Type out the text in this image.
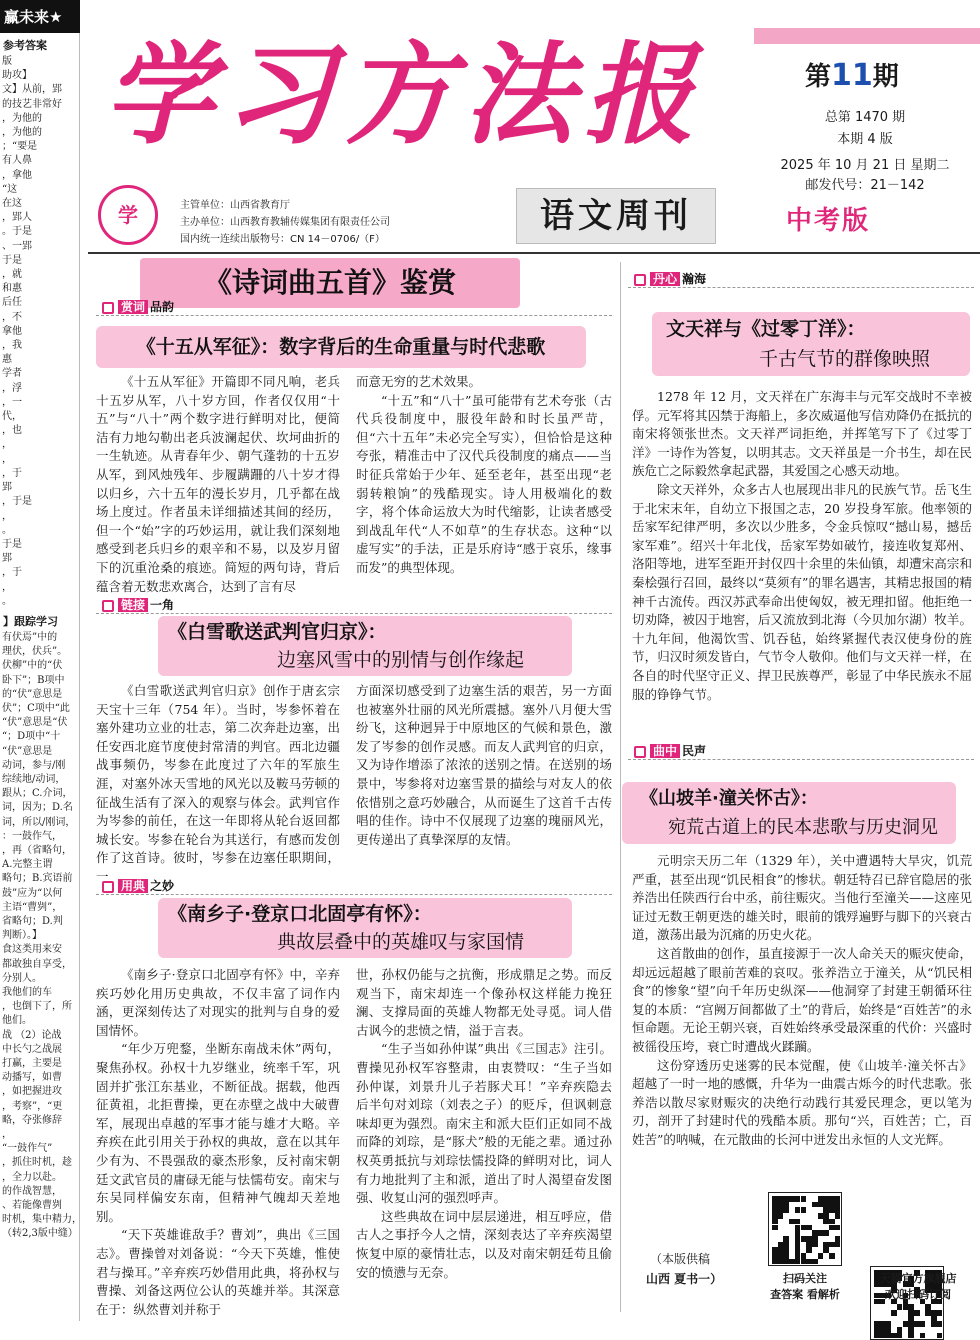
赢未来★
参考答案
版
助攻】
文】从前，郢
的技艺非常好
，为他的
，为他的
；“要是
有人鼻
，拿他
“这
在这
，郢人
。于是
、一郢
于是
，就
和惠
后任
，不
拿他
，我
惠
学者
，浮
，一
代，
，也
，
，
，于
郢
，于是
，
。
于是
郢
，于
，
。
】跟踪学习
有伏焉”中的
理伏，伏兵”。
伏柳”中的“伏
卧下”；B项中
的“伏”意思是
伏”；C项中“此
“伏”意思是“伏
“；D项中“十
“伏”意思是
动词，参与/刚
综续地/动词，
跟从；C.介词，
词，因为；D.名
词，所以/刚词，
：一鼓作气，
，再（省略句，
A.完整主谓
略句；B.宾语前
鼓”应为“以何
主语“曹刿”，
省略句；D.判
判断）。】
食这类用来安
都敢独自享受，
分别人。
我他们的车
，也倒下了，所
他们。
战 （2）论战
中长勺之战展
打赢，主要是
动播写，如曹
，如把握进攻
，考察”，“更
略，夺张修辞
，
“一鼓作气”
，抓住时机，趁
，全力以赴。
的作战智慧，
、若能像曹刿
时机，集中精力，
（转2,3版中缝）
学习方法报	第11期
总第 1470 期
本期 4 版
2025 年 10 月 21 日 星期二
邮发代号：21－142
学	主管单位：山西省教育厅
主办单位：山西教育教辅传媒集团有限责任公司
国内统一连续出版物号：CN 14－0706/（F）
语文周刊	中考版
《诗词曲五首》鉴赏
赏词 品韵
《十五从军征》：数字背后的生命重量与时代悲歌

《十五从军征》开篇即不同凡响，老兵十五岁从军，八十岁方回，作者仅仅用“十五”与“八十”两个数字进行鲜明对比，便简洁有力地勾勒出老兵波澜起伏、坎坷曲折的一生轨迹。从青春年少、朝气蓬勃的十五岁从军，到风烛残年、步履蹒跚的八十岁才得以归乡，六十五年的漫长岁月，几乎都在战场上度过。作者虽未详细描述其间的经历，但一个“始”字的巧妙运用，就让我们深刻地感受到老兵归乡的艰辛和不易，以及岁月留下的沉重沧桑的痕迹。简短的两句诗，背后蕴含着无数悲欢离合，达到了言有尽

而意无穷的艺术效果。

“十五”和“八十”虽可能带有艺术夸张（古代兵役制度中，服役年龄和时长虽严苛，但“六十五年”未必完全写实），但恰恰是这种夸张，精准击中了汉代兵役制度的痛点——当时征兵常始于少年、延至老年，甚至出现“老弱转粮饷”的残酷现实。诗人用极端化的数字，将个体命运放大为时代缩影，让读者感受到战乱年代“人不如草”的生存状态。这种“以虚写实”的手法，正是乐府诗“感于哀乐，缘事而发”的典型体现。

链接 一角
《白雪歌送武判官归京》：
边塞风雪中的别情与创作缘起

《白雪歌送武判官归京》创作于唐玄宗天宝十三年（754 年）。当时，岑参怀着在塞外建功立业的壮志，第二次奔赴边塞，出任安西北庭节度使封常清的判官。西北边疆战事频仍，岑参在此度过了六年的军旅生涯，对塞外冰天雪地的风光以及鞍马劳顿的征战生活有了深入的观察与体会。武判官作为岑参的前任，在这一年即将从轮台返回都城长安。岑参在轮台为其送行，有感而发创作了这首诗。彼时，岑参在边塞任职期间，一

方面深切感受到了边塞生活的艰苦，另一方面也被塞外壮丽的风光所震撼。塞外八月便大雪纷飞，这种迥异于中原地区的气候和景色，激发了岑参的创作灵感。而友人武判官的归京，又为诗作增添了浓浓的送别之情。在送别的场景中，岑参将对边塞雪景的描绘与对友人的依依惜别之意巧妙融合，从而诞生了这首千古传唱的佳作。诗中不仅展现了边塞的瑰丽风光，更传递出了真挚深厚的友情。

用典 之妙
《南乡子·登京口北固亭有怀》：
典故层叠中的英雄叹与家国情

《南乡子·登京口北固亭有怀》中，辛弃疾巧妙化用历史典故，不仅丰富了词作内涵，更深刻传达了对现实的批判与自身的爱国情怀。

“年少万兜鍪，坐断东南战未休”两句，聚焦孙权。孙权十九岁继业，统率千军，巩固并扩张江东基业，不断征战。据载，他西征黄祖，北拒曹操，更在赤壁之战中大破曹军，展现出卓越的军事才能与雄才大略。辛弃疾在此引用关于孙权的典故，意在以其年少有为、不畏强敌的豪杰形象，反衬南宋朝廷文武官员的庸碌无能与怯懦苟安。南宋与东吴同样偏安东南，但精神气魄却天差地别。

“天下英雄谁敌手？曹刘”，典出《三国志》。曹操曾对刘备说：“今天下英雄，惟使君与操耳。”辛弃疾巧妙借用此典，将孙权与曹操、刘备这两位公认的英雄并举。其深意在于：纵然曹刘并称于

世，孙权仍能与之抗衡，形成鼎足之势。而反观当下，南宋却连一个像孙权这样能力挽狂澜、支撑局面的英雄人物都无处寻觅。词人借古讽今的悲愤之情，溢于言表。

“生子当如孙仲谋”典出《三国志》注引。曹操见孙权军容整肃，由衷赞叹：“生子当如孙仲谋，刘景升儿子若豚犬耳！”辛弃疾隐去后半句对刘琮（刘表之子）的贬斥，但讽刺意味却更为强烈。南宋主和派大臣们正如同不战而降的刘琮，是“豚犬”般的无能之辈。通过孙权英勇抵抗与刘琮怯懦投降的鲜明对比，词人有力地批判了主和派，道出了时人渴望奋发图强、收复山河的强烈呼声。

这些典故在词中层层递进，相互呼应，借古人之事抒今人之情，深刻表达了辛弃疾渴望恢复中原的豪情壮志，以及对南宋朝廷苟且偷安的愤懑与无奈。

丹心 瀚海
文天祥与《过零丁洋》：
千古气节的群像映照

1278 年 12 月，文天祥在广东海丰与元军交战时不幸被俘。元军将其囚禁于海船上，多次威逼他写信劝降仍在抵抗的南宋将领张世杰。文天祥严词拒绝，并挥笔写下了《过零丁洋》一诗作为答复，以明其志。文天祥虽是一介书生，却在民族危亡之际毅然拿起武器，其爱国之心感天动地。

除文天祥外，众多古人也展现出非凡的民族气节。岳飞生于北宋末年，自幼立下报国之志，20 岁投身军旅。他率领的岳家军纪律严明，多次以少胜多，令金兵惊叹“撼山易，撼岳家军难”。绍兴十年北伐，岳家军势如破竹，接连收复郑州、洛阳等地，进军至距开封仅四十余里的朱仙镇，却遭宋高宗和秦桧强行召回，最终以“莫须有”的罪名遇害，其精忠报国的精神千古流传。西汉苏武奉命出使匈奴，被无理扣留。他拒绝一切劝降，被囚于地窖，后又流放到北海（今贝加尔湖）牧羊。十九年间，他渴饮雪、饥吞毡，始终紧握代表汉使身份的旌节，归汉时须发皆白，气节令人敬仰。他们与文天祥一样，在各自的时代坚守正义、捍卫民族尊严，彰显了中华民族永不屈服的铮铮气节。

曲中 民声
《山坡羊·潼关怀古》：
宛荒古道上的民本悲歌与历史洞见

元明宗天历二年（1329 年），关中遭遇特大旱灾，饥荒严重，甚至出现“饥民相食”的惨状。朝廷特召已辞官隐居的张养浩出任陕西行台中丞，前往赈灾。当他行至潼关——这座见证过无数王朝更迭的雄关时，眼前的饿殍遍野与脚下的兴衰古道，激荡出最为沉痛的历史火花。

这首散曲的创作，虽直接源于一次人命关天的赈灾使命，却远远超越了眼前苦难的哀叹。张养浩立于潼关，从“饥民相食”的惨象“望”向千年历史纵深——他洞穿了封建王朝循环往复的本质：“宫阙万间都做了土”的背后，始终是“百姓苦”的永恒命题。无论王朝兴衰，百姓始终承受最深重的代价：兴盛时被徭役压垮，衰亡时遭战火蹂躏。

这份穿透历史迷雾的民本觉醒，使《山坡羊·潼关怀古》超越了一时一地的感慨，升华为一曲震古烁今的时代悲歌。张养浩以散尽家财赈灾的决绝行动践行其爱民理念，更以笔为刃，剖开了封建时代的残酷本质。那句“兴，百姓苦；亡，百姓苦”的呐喊，在元散曲的长河中迸发出永恒的人文光辉。

（本版供稿
山西 夏书一）	扫码关注
查答案 看解析
天猫官方旗舰店
欢迎扫码订阅
